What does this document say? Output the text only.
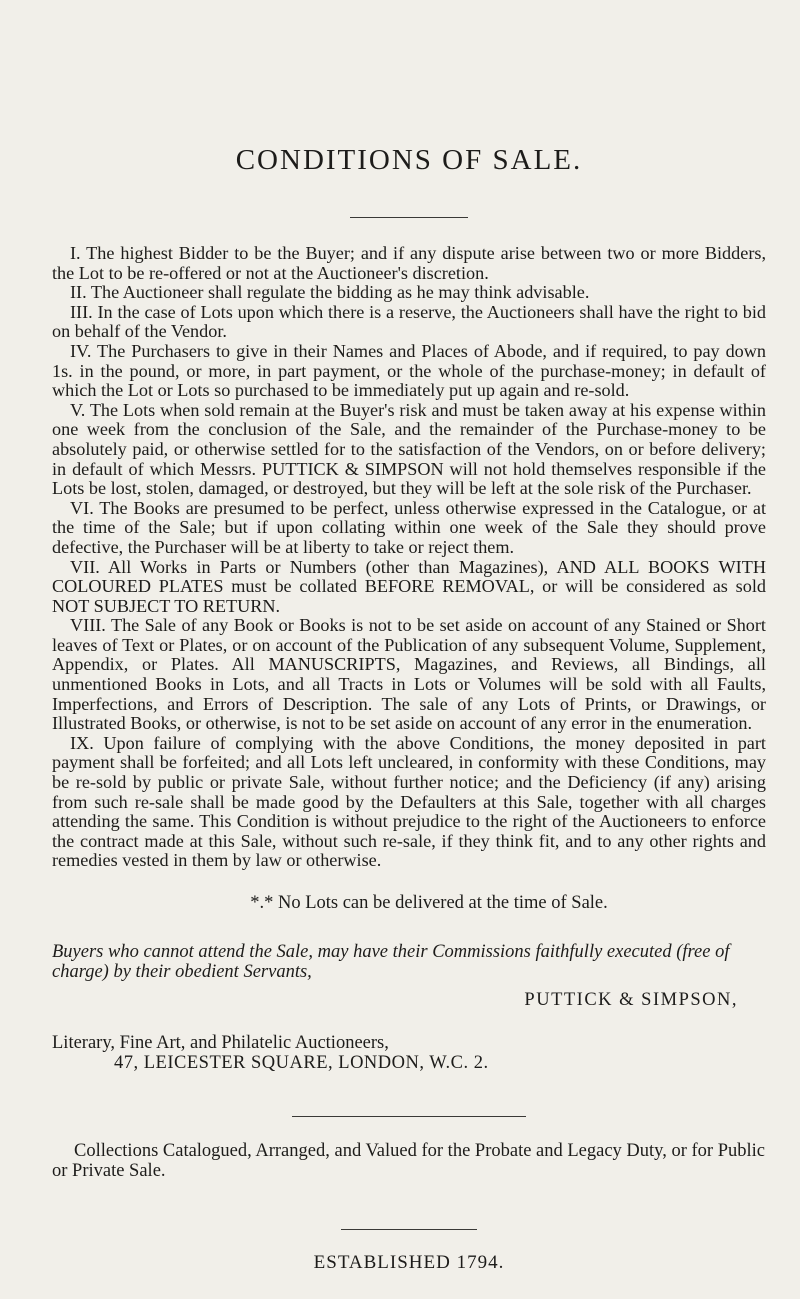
CONDITIONS OF SALE.

I. The highest Bidder to be the Buyer; and if any dispute arise between two or more Bidders, the Lot to be re-offered or not at the Auctioneer's discretion.

II. The Auctioneer shall regulate the bidding as he may think advisable.

III. In the case of Lots upon which there is a reserve, the Auctioneers shall have the right to bid on behalf of the Vendor.

IV. The Purchasers to give in their Names and Places of Abode, and if required, to pay down 1s. in the pound, or more, in part payment, or the whole of the purchase-money; in default of which the Lot or Lots so purchased to be immediately put up again and re-sold.

V. The Lots when sold remain at the Buyer's risk and must be taken away at his expense within one week from the conclusion of the Sale, and the remainder of the Purchase-money to be absolutely paid, or otherwise settled for to the satisfaction of the Vendors, on or before delivery; in default of which Messrs. PUTTICK & SIMPSON will not hold themselves responsible if the Lots be lost, stolen, damaged, or destroyed, but they will be left at the sole risk of the Purchaser.

VI. The Books are presumed to be perfect, unless otherwise expressed in the Catalogue, or at the time of the Sale; but if upon collating within one week of the Sale they should prove defective, the Purchaser will be at liberty to take or reject them.

VII. All Works in Parts or Numbers (other than Magazines), AND ALL BOOKS WITH COLOURED PLATES must be collated BEFORE REMOVAL, or will be considered as sold NOT SUBJECT TO RETURN.

VIII. The Sale of any Book or Books is not to be set aside on account of any Stained or Short leaves of Text or Plates, or on account of the Publication of any subsequent Volume, Supplement, Appendix, or Plates. All MANUSCRIPTS, Magazines, and Reviews, all Bindings, all unmentioned Books in Lots, and all Tracts in Lots or Volumes will be sold with all Faults, Imperfections, and Errors of Description. The sale of any Lots of Prints, or Drawings, or Illustrated Books, or otherwise, is not to be set aside on account of any error in the enumeration.

IX. Upon failure of complying with the above Conditions, the money deposited in part payment shall be forfeited; and all Lots left uncleared, in conformity with these Conditions, may be re-sold by public or private Sale, without further notice; and the Deficiency (if any) arising from such re-sale shall be made good by the Defaulters at this Sale, together with all charges attending the same. This Condition is without prejudice to the right of the Auctioneers to enforce the contract made at this Sale, without such re-sale, if they think fit, and to any other rights and remedies vested in them by law or otherwise.

*.* No Lots can be delivered at the time of Sale.

Buyers who cannot attend the Sale, may have their Commissions faithfully executed (free of charge) by their obedient Servants,

PUTTICK & SIMPSON,

Literary, Fine Art, and Philatelic Auctioneers,

47, LEICESTER SQUARE, LONDON, W.C. 2.

Collections Catalogued, Arranged, and Valued for the Probate and Legacy Duty, or for Public or Private Sale.

ESTABLISHED 1794.
